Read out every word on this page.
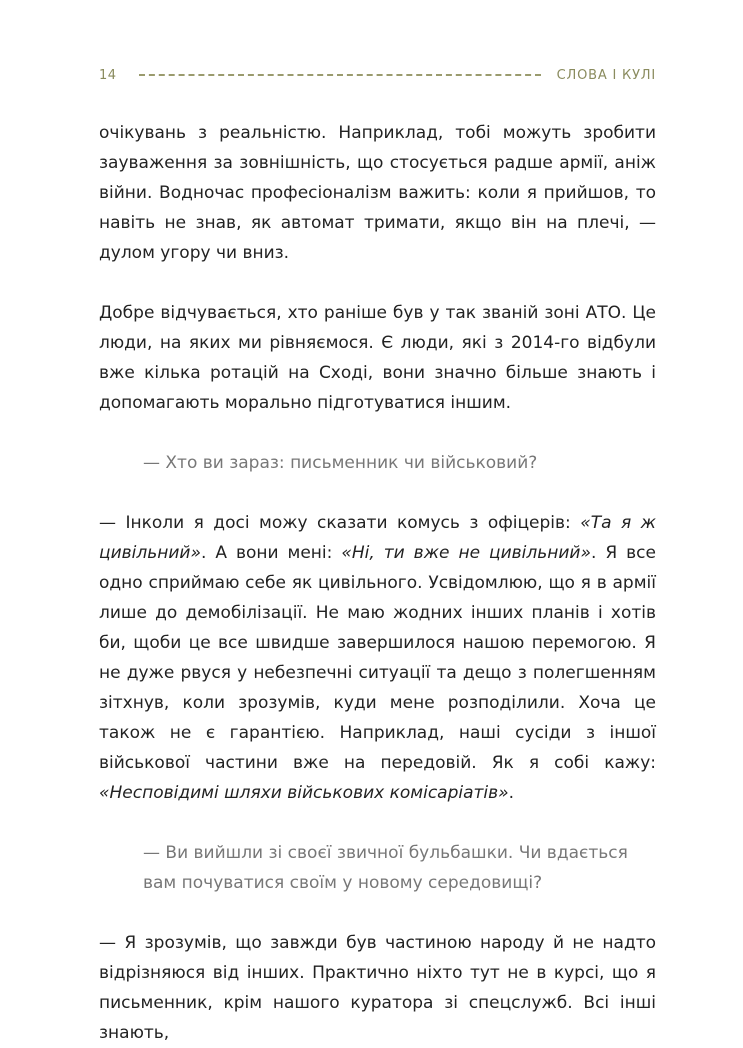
14	СЛОВА І КУЛІ

очікувань з реальністю. Наприклад, тобі можуть зробити зауваження за зовнішність, що стосується радше армії, аніж війни. Водночас професіоналізм важить: коли я прийшов, то навіть не знав, як автомат тримати, якщо він на плечі, — дулом угору чи вниз.

Добре відчувається, хто раніше був у так званій зоні АТО. Це люди, на яких ми рівняємося. Є люди, які з 2014-го відбули вже кілька ротацій на Сході, вони значно більше знають і допомагають морально підготуватися іншим.

— Хто ви зараз: письменник чи військовий?

— Інколи я досі можу сказати комусь з офіцерів: «Та я ж цивільний». А вони мені: «Ні, ти вже не цивільний». Я все одно сприймаю себе як цивільного. Усвідомлюю, що я в армії лише до демобілізації. Не маю жодних інших планів і хотів би, щоби це все швидше завершилося нашою перемогою. Я не дуже рвуся у небезпечні ситуації та дещо з полегшенням зітхнув, коли зрозумів, куди мене розподілили. Хоча це також не є гарантією. Наприклад, наші сусіди з іншої військової частини вже на передовій. Як я собі кажу: «Несповідимі шляхи військових комісаріатів».

— Ви вийшли зі своєї звичної бульбашки. Чи вдається вам почуватися своїм у новому середовищі?

— Я зрозумів, що завжди був частиною народу й не надто відрізняюся від інших. Практично ніхто тут не в курсі, що я письменник, крім нашого куратора зі спецслужб. Всі інші знають,
